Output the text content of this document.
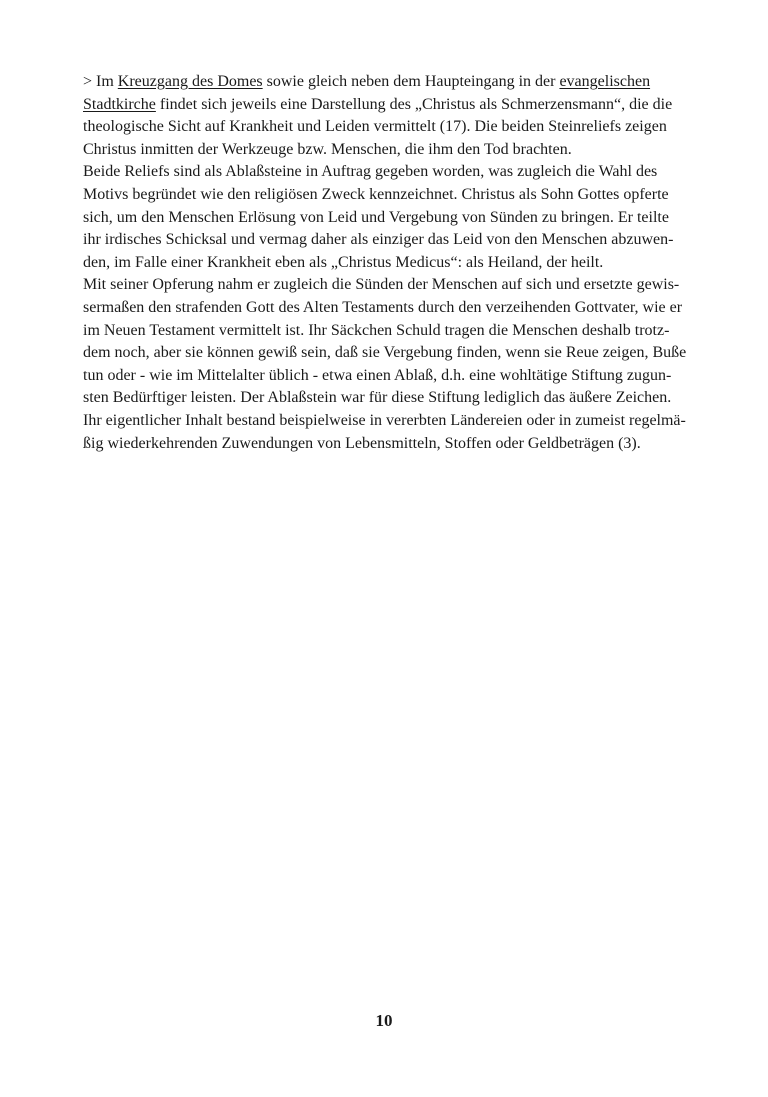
> Im Kreuzgang des Domes sowie gleich neben dem Haupteingang in der evangelischen
Stadtkirche findet sich jeweils eine Darstellung des „Christus als Schmerzensmann“, die die
theologische Sicht auf Krankheit und Leiden vermittelt (17). Die beiden Steinreliefs zeigen
Christus inmitten der Werkzeuge bzw. Menschen, die ihm den Tod brachten.
Beide Reliefs sind als Ablaßsteine in Auftrag gegeben worden, was zugleich die Wahl des
Motivs begründet wie den religiösen Zweck kennzeichnet. Christus als Sohn Gottes opferte
sich, um den Menschen Erlösung von Leid und Vergebung von Sünden zu bringen. Er teilte
ihr irdisches Schicksal und vermag daher als einziger das Leid von den Menschen abzuwen-
den, im Falle einer Krankheit eben als „Christus Medicus“: als Heiland, der heilt.
Mit seiner Opferung nahm er zugleich die Sünden der Menschen auf sich und ersetzte gewis-
sermaßen den strafenden Gott des Alten Testaments durch den verzeihenden Gottvater, wie er
im Neuen Testament vermittelt ist. Ihr Säckchen Schuld tragen die Menschen deshalb trotz-
dem noch, aber sie können gewiß sein, daß sie Vergebung finden, wenn sie Reue zeigen, Buße
tun oder - wie im Mittelalter üblich - etwa einen Ablaß, d.h. eine wohltätige Stiftung zugun-
sten Bedürftiger leisten. Der Ablaßstein war für diese Stiftung lediglich das äußere Zeichen.
Ihr eigentlicher Inhalt bestand beispielweise in vererbten Ländereien oder in zumeist regelmä-
ßig wiederkehrenden Zuwendungen von Lebensmitteln, Stoffen oder Geldbeträgen (3).
10
